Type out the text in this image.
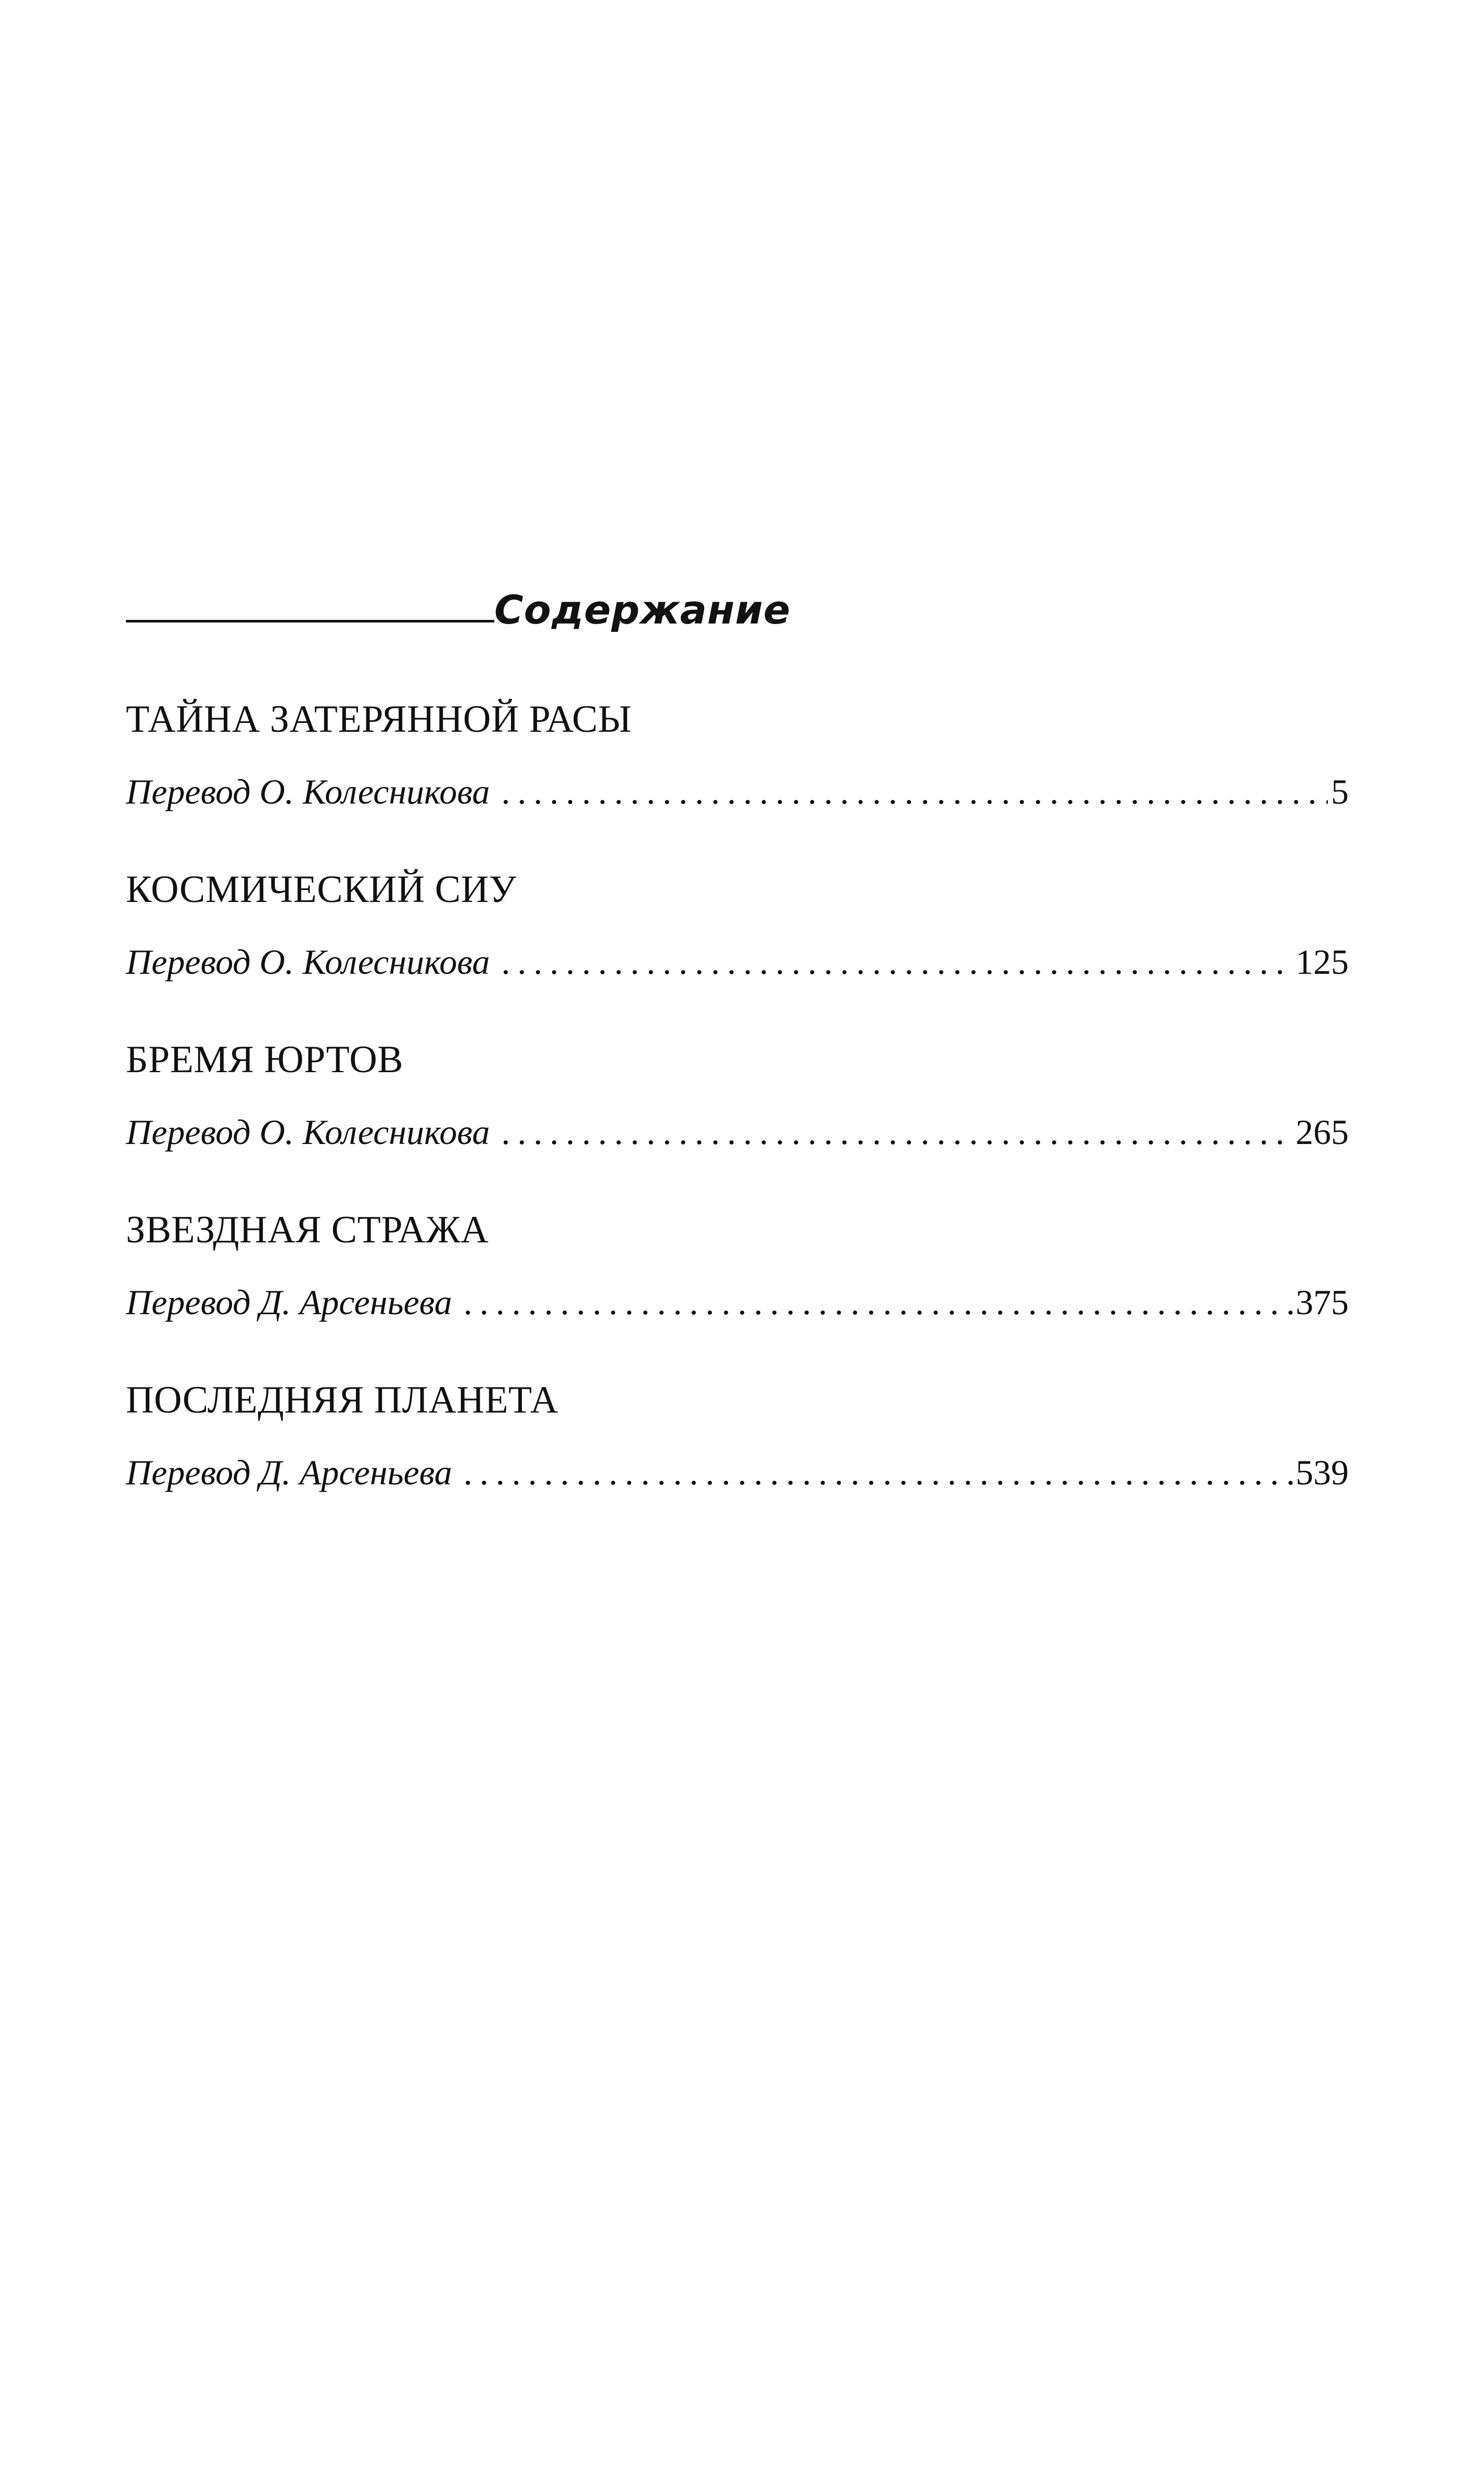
Содержание
ТАЙНА ЗАТЕРЯННОЙ РАСЫ
Перевод О. Колесникова . . .	5
КОСМИЧЕСКИЙ СИУ
Перевод О. Колесникова . . .	125
БРЕМЯ ЮРТОВ
Перевод О. Колесникова . . .	265
ЗВЕЗДНАЯ СТРАЖА
Перевод Д. Арсеньева . . .	375
ПОСЛЕДНЯЯ ПЛАНЕТА
Перевод Д. Арсеньева . . .	539
